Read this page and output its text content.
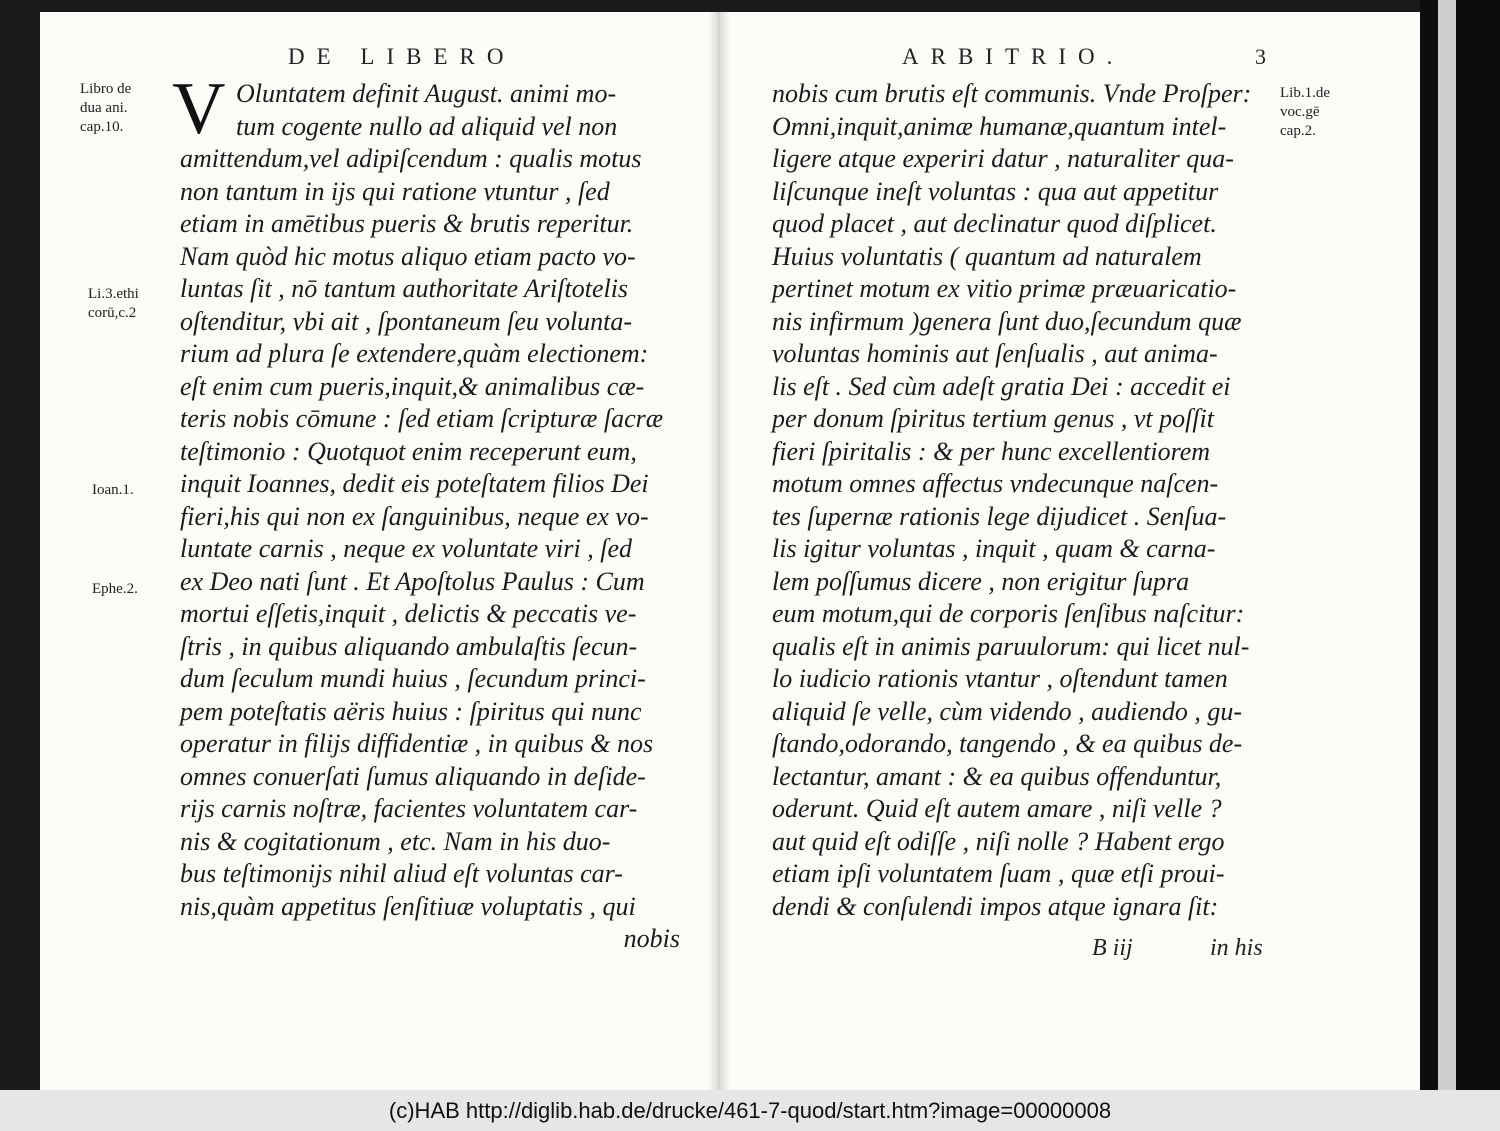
DE LIBERO	ARBITRIO.	3
V
Libro de
dua ani.
cap.10.
Li.3.ethi
corū,c.2
Ioan.1.
Ephe.2.
Lib.1.de
voc.gē
cap.2.
Oluntatem definit August. animi mo-
tum cogente nullo ad aliquid vel non
amittendum,vel adipiſcendum : qualis motus
non tantum in ijs qui ratione vtuntur , ſed
etiam in amētibus pueris & brutis reperitur.
Nam quòd hic motus aliquo etiam pacto vo-
luntas ſit , nō tantum authoritate Ariſtotelis
oſtenditur, vbi ait , ſpontaneum ſeu volunta-
rium ad plura ſe extendere,quàm electionem:
eſt enim cum pueris,inquit,& animalibus cæ-
teris nobis cōmune : ſed etiam ſcripturæ ſacræ
teſtimonio : Quotquot enim receperunt eum,
inquit Ioannes, dedit eis poteſtatem filios Dei
fieri,his qui non ex ſanguinibus, neque ex vo-
luntate carnis , neque ex voluntate viri , ſed
ex Deo nati ſunt . Et Apoſtolus Paulus : Cum
mortui eſſetis,inquit , delictis & peccatis ve-
ſtris , in quibus aliquando ambulaſtis ſecun-
dum ſeculum mundi huius , ſecundum princi-
pem poteſtatis aëris huius : ſpiritus qui nunc
operatur in filijs diffidentiæ , in quibus & nos
omnes conuerſati ſumus aliquando in deſide-
rijs carnis noſtræ, facientes voluntatem car-
nis & cogitationum , etc. Nam in his duo-
bus teſtimonijs nihil aliud eſt voluntas car-
nis,quàm appetitus ſenſitiuæ voluptatis , qui
nobis
nobis cum brutis eſt communis. Vnde Proſper:
Omni,inquit,animæ humanæ,quantum intel-
ligere atque experiri datur , naturaliter qua-
liſcunque ineſt voluntas : qua aut appetitur
quod placet , aut declinatur quod diſplicet.
Huius voluntatis ( quantum ad naturalem
pertinet motum ex vitio primæ præuaricatio-
nis infirmum )genera ſunt duo,ſecundum quæ
voluntas hominis aut ſenſualis , aut anima-
lis eſt . Sed cùm adeſt gratia Dei : accedit ei
per donum ſpiritus tertium genus , vt poſſit
fieri ſpiritalis : & per hunc excellentiorem
motum omnes affectus vndecunque naſcen-
tes ſupernæ rationis lege dijudicet . Senſua-
lis igitur voluntas , inquit , quam & carna-
lem poſſumus dicere , non erigitur ſupra
eum motum,qui de corporis ſenſibus naſcitur:
qualis eſt in animis paruulorum: qui licet nul-
lo iudicio rationis vtantur , oſtendunt tamen
aliquid ſe velle, cùm videndo , audiendo , gu-
ſtando,odorando, tangendo , & ea quibus de-
lectantur, amant : & ea quibus offenduntur,
oderunt. Quid eſt autem amare , niſi velle ?
aut quid eſt odiſſe , niſi nolle ? Habent ergo
etiam ipſi voluntatem ſuam , quæ etſi proui-
dendi & conſulendi impos atque ignara ſit:
B iij	in his
(c)HAB http://diglib.hab.de/drucke/461-7-quod/start.htm?image=00000008
